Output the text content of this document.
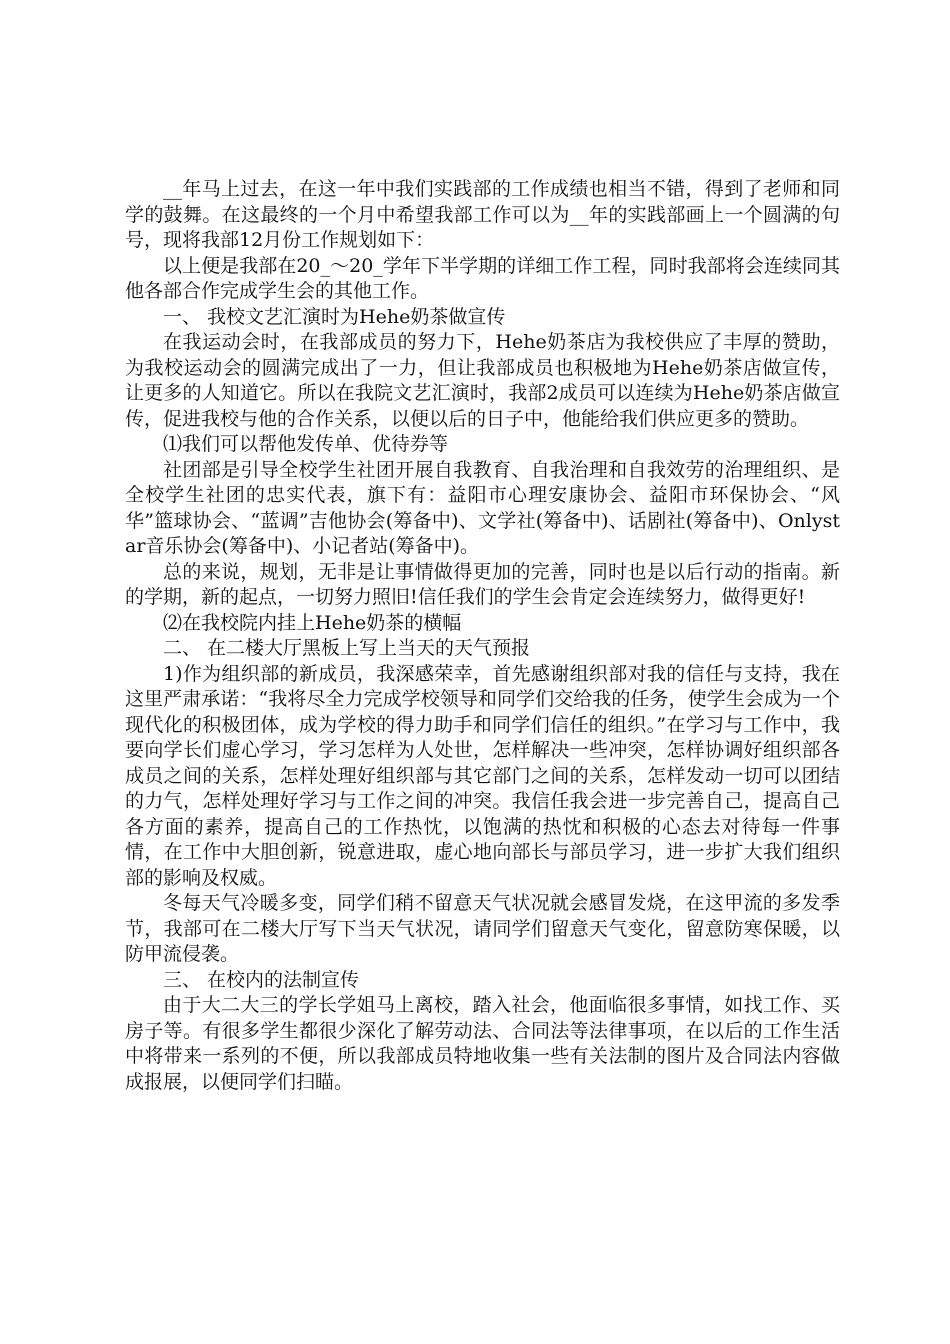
__年马上过去，在这一年中我们实践部的工作成绩也相当不错，得到了老师和同学的鼓舞。在这最终的一个月中希望我部工作可以为__年的实践部画上一个圆满的句号，现将我部12月份工作规划如下：

以上便是我部在20_～20_学年下半学期的详细工作工程，同时我部将会连续同其他各部合作完成学生会的其他工作。

一、 我校文艺汇演时为Hehe奶茶做宣传

在我运动会时，在我部成员的努力下，Hehe奶茶店为我校供应了丰厚的赞助，为我校运动会的圆满完成出了一力，但让我部成员也积极地为Hehe奶茶店做宣传，让更多的人知道它。所以在我院文艺汇演时，我部2成员可以连续为Hehe奶茶店做宣传，促进我校与他的合作关系，以便以后的日子中，他能给我们供应更多的赞助。

⑴我们可以帮他发传单、优待券等

社团部是引导全校学生社团开展自我教育、自我治理和自我效劳的治理组织、是全校学生社团的忠实代表，旗下有：益阳市心理安康协会、益阳市环保协会、“风华”篮球协会、“蓝调”吉他协会(筹备中)、文学社(筹备中)、话剧社(筹备中)、Onlystar音乐协会(筹备中)、小记者站(筹备中)。

总的来说，规划，无非是让事情做得更加的完善，同时也是以后行动的指南。新的学期，新的起点，一切努力照旧!信任我们的学生会肯定会连续努力，做得更好!

⑵在我校院内挂上Hehe奶茶的横幅

二、 在二楼大厅黑板上写上当天的天气预报

1)作为组织部的新成员，我深感荣幸，首先感谢组织部对我的信任与支持，我在这里严肃承诺：“我将尽全力完成学校领导和同学们交给我的任务，使学生会成为一个现代化的积极团体，成为学校的得力助手和同学们信任的组织。”在学习与工作中，我要向学长们虚心学习，学习怎样为人处世，怎样解决一些冲突，怎样协调好组织部各成员之间的关系，怎样处理好组织部与其它部门之间的关系，怎样发动一切可以团结的力气，怎样处理好学习与工作之间的冲突。我信任我会进一步完善自己，提高自己各方面的素养，提高自己的工作热忱，以饱满的热忱和积极的心态去对待每一件事情，在工作中大胆创新，锐意进取，虚心地向部长与部员学习，进一步扩大我们组织部的影响及权威。

冬每天气冷暖多变，同学们稍不留意天气状况就会感冒发烧，在这甲流的多发季节，我部可在二楼大厅写下当天气状况，请同学们留意天气变化，留意防寒保暖，以防甲流侵袭。

三、 在校内的法制宣传

由于大二大三的学长学姐马上离校，踏入社会，他面临很多事情，如找工作、买房子等。有很多学生都很少深化了解劳动法、合同法等法律事项，在以后的工作生活中将带来一系列的不便，所以我部成员特地收集一些有关法制的图片及合同法内容做成报展，以便同学们扫瞄。
